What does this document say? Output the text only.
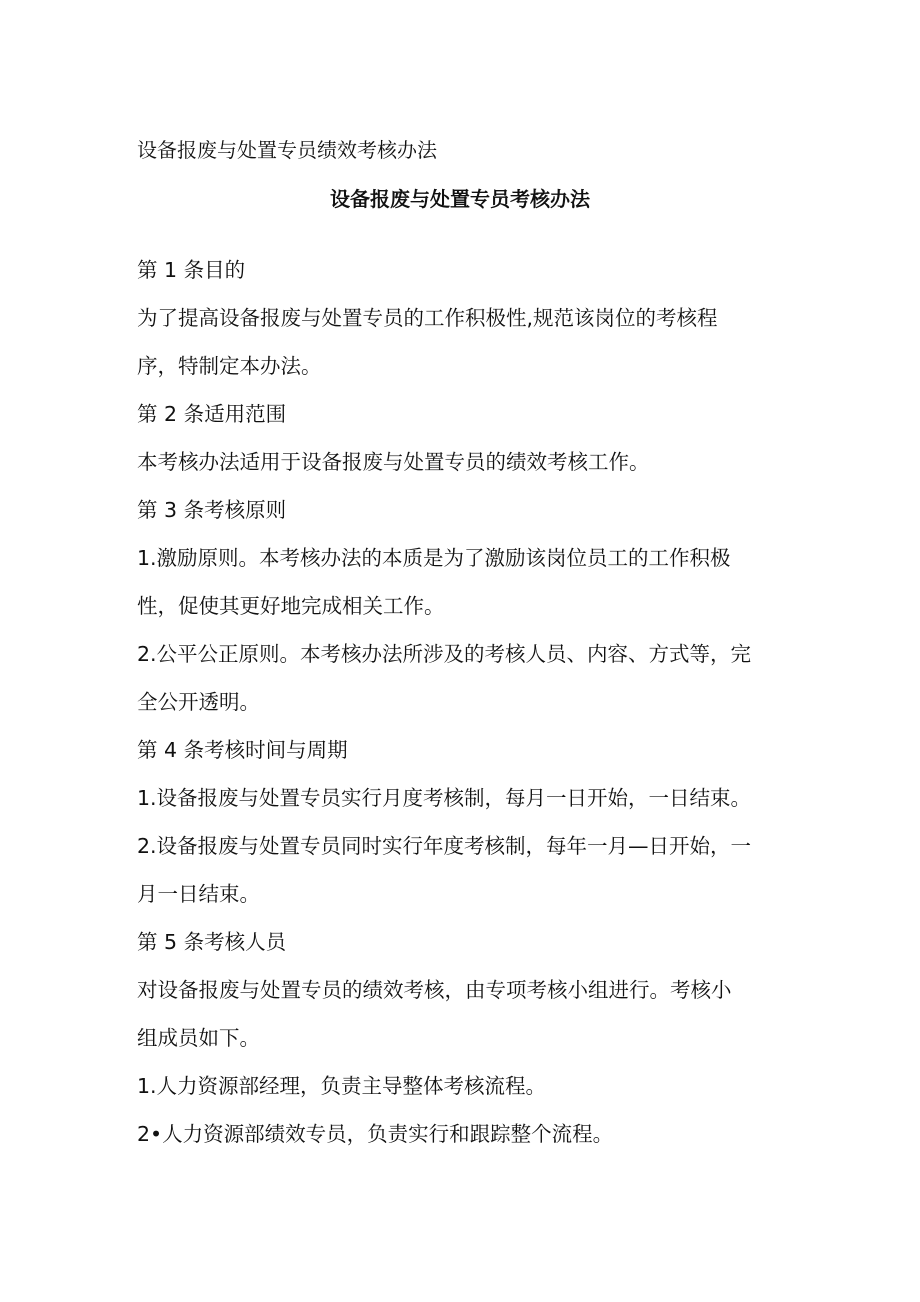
设备报废与处置专员绩效考核办法
设备报废与处置专员考核办法
第 1 条目的
为了提高设备报废与处置专员的工作积极性,规范该岗位的考核程
序，特制定本办法。
第 2 条适用范围
本考核办法适用于设备报废与处置专员的绩效考核工作。
第 3 条考核原则
1.激励原则。本考核办法的本质是为了激励该岗位员工的工作积极
性，促使其更好地完成相关工作。
2.公平公正原则。本考核办法所涉及的考核人员、内容、方式等，完
全公开透明。
第 4 条考核时间与周期
1.设备报废与处置专员实行月度考核制，每月一日开始，一日结束。
2.设备报废与处置专员同时实行年度考核制，每年一月—日开始，一
月一日结束。
第 5 条考核人员
对设备报废与处置专员的绩效考核，由专项考核小组进行。考核小
组成员如下。
1.人力资源部经理，负责主导整体考核流程。
2•人力资源部绩效专员，负责实行和跟踪整个流程。
